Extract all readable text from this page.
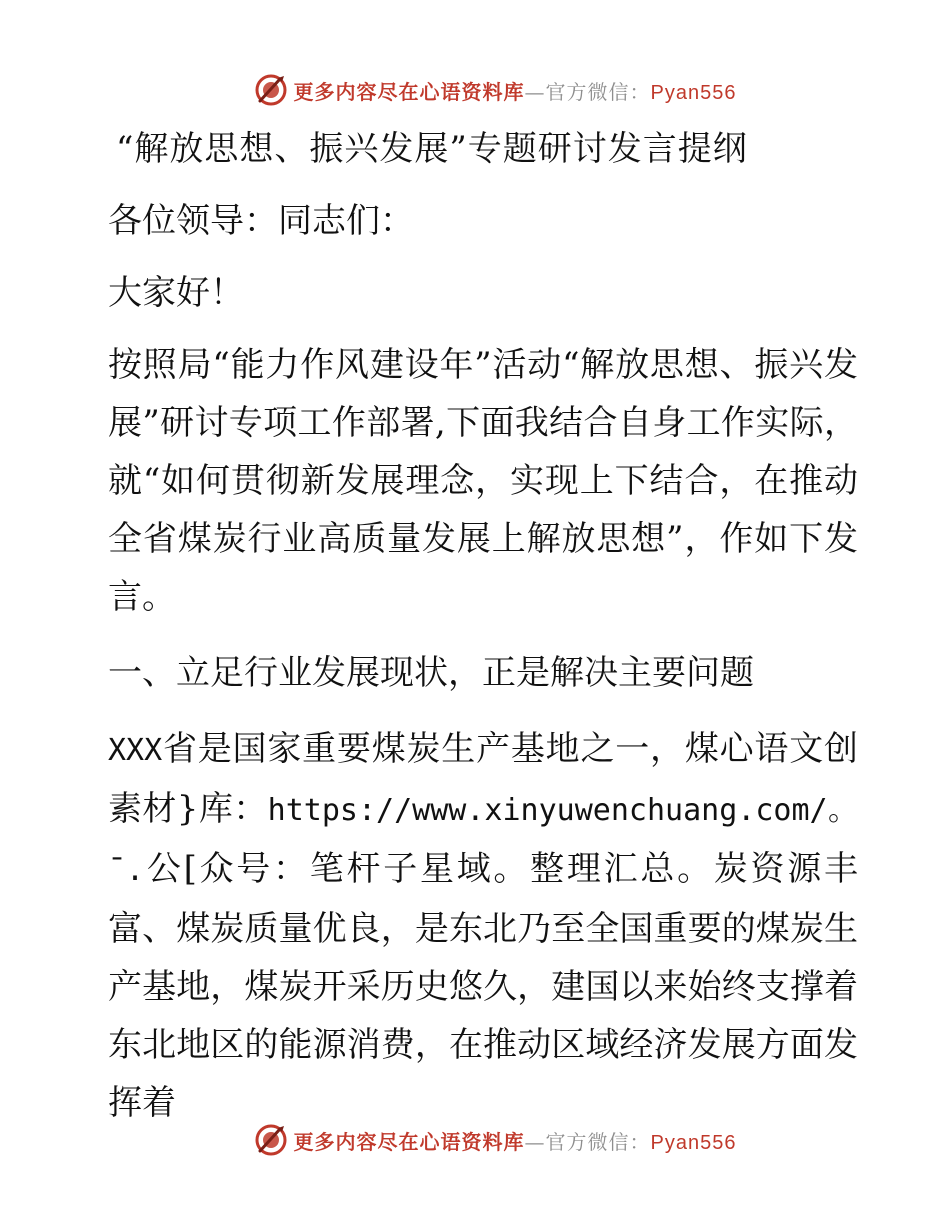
更多内容尽在心语资料库—官方微信：Pyan556
“解放思想、振兴发展”专题研讨发言提纲

各位领导：同志们：

大家好！

按照局“能力作风建设年”活动“解放思想、振兴发展”研讨专项工作部署,下面我结合自身工作实际，就“如何贯彻新发展理念，实现上下结合，在推动全省煤炭行业高质量发展上解放思想”，作如下发言。

一、立足行业发展现状，正是解决主要问题

XXX省是国家重要煤炭生产基地之一，煤心语文创素材}库：https://www.xinyuwenchuang.com/。¯.公[众号：笔杆子星域。整理汇总。炭资源丰富、煤炭质量优良，是东北乃至全国重要的煤炭生产基地，煤炭开采历史悠久，建国以来始终支撑着东北地区的能源消费，在推动区域经济发展方面发挥着

更多内容尽在心语资料库—官方微信：Pyan556
